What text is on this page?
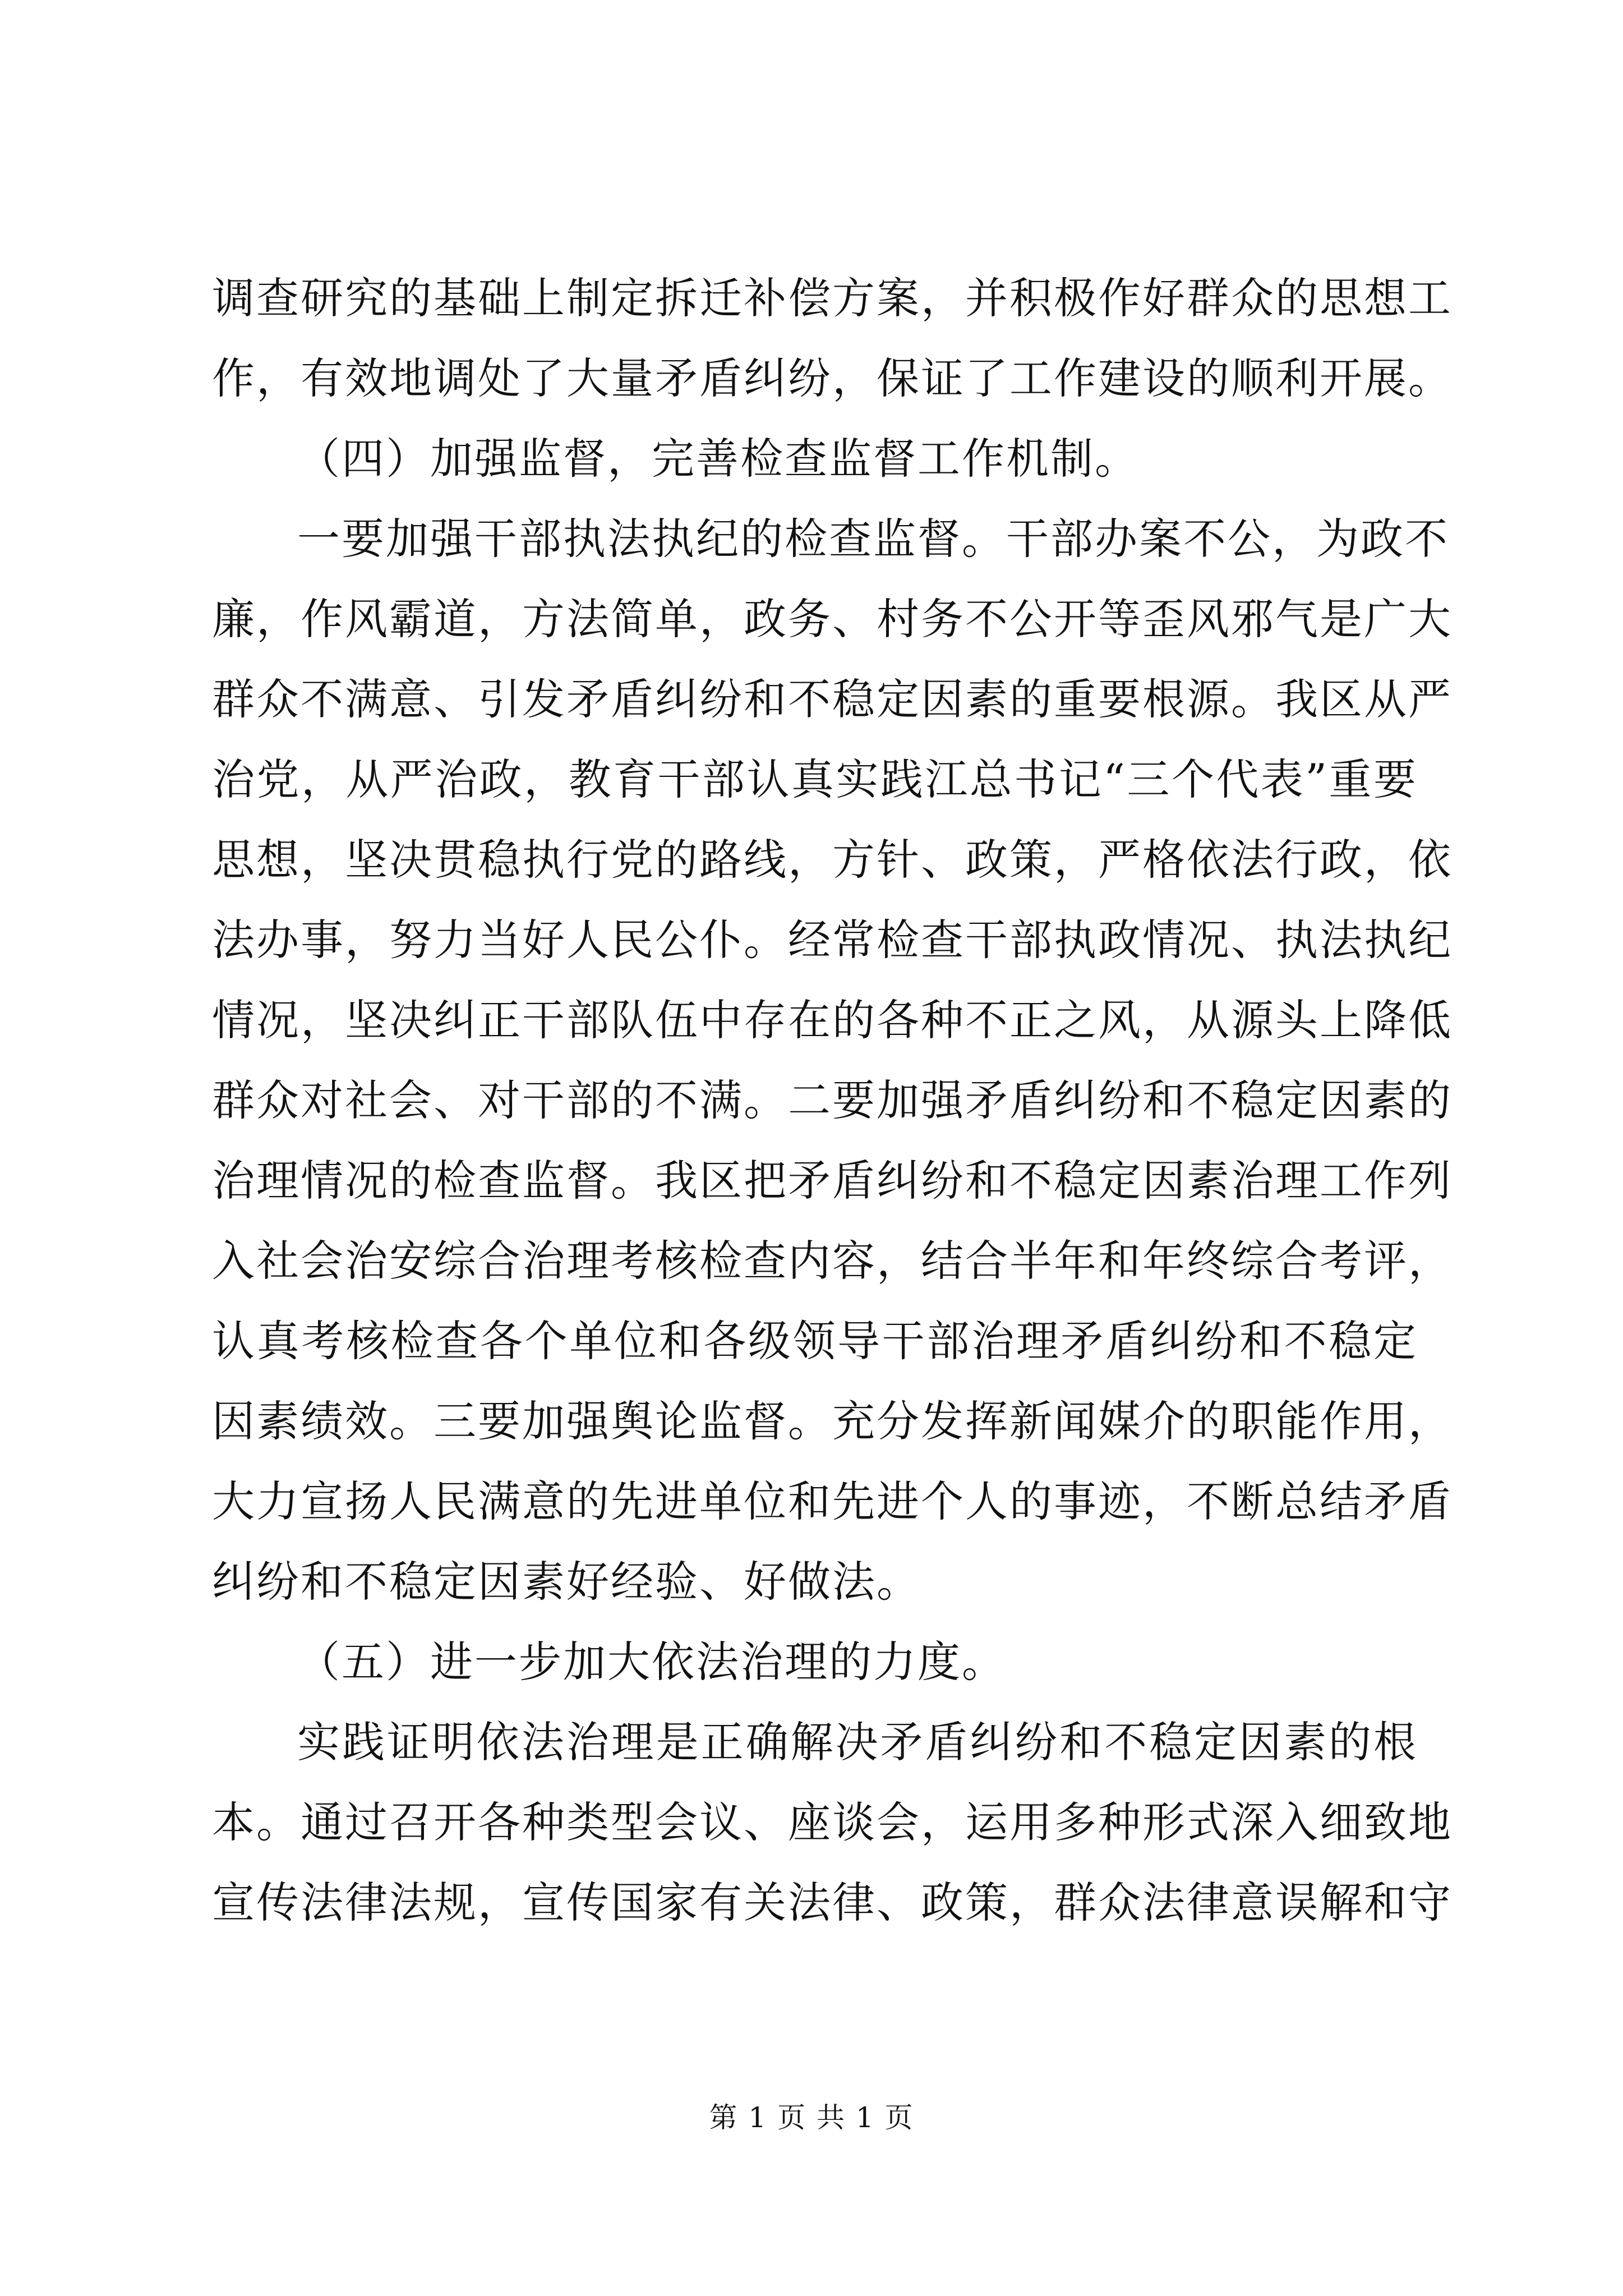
调查研究的基础上制定拆迁补偿方案，并积极作好群众的思想工
作，有效地调处了大量矛盾纠纷，保证了工作建设的顺利开展。
（四）加强监督，完善检查监督工作机制。
一要加强干部执法执纪的检查监督。干部办案不公，为政不
廉，作风霸道，方法简单，政务、村务不公开等歪风邪气是广大
群众不满意、引发矛盾纠纷和不稳定因素的重要根源。我区从严
治党，从严治政，教育干部认真实践江总书记“三个代表”重要
思想，坚决贯稳执行党的路线，方针、政策，严格依法行政，依
法办事，努力当好人民公仆。经常检查干部执政情况、执法执纪
情况，坚决纠正干部队伍中存在的各种不正之风，从源头上降低
群众对社会、对干部的不满。二要加强矛盾纠纷和不稳定因素的
治理情况的检查监督。我区把矛盾纠纷和不稳定因素治理工作列
入社会治安综合治理考核检查内容，结合半年和年终综合考评，
认真考核检查各个单位和各级领导干部治理矛盾纠纷和不稳定
因素绩效。三要加强舆论监督。充分发挥新闻媒介的职能作用，
大力宣扬人民满意的先进单位和先进个人的事迹，不断总结矛盾
纠纷和不稳定因素好经验、好做法。
（五）进一步加大依法治理的力度。
实践证明依法治理是正确解决矛盾纠纷和不稳定因素的根
本。通过召开各种类型会议、座谈会，运用多种形式深入细致地
宣传法律法规，宣传国家有关法律、政策，群众法律意误解和守
第 1 页 共 1 页
